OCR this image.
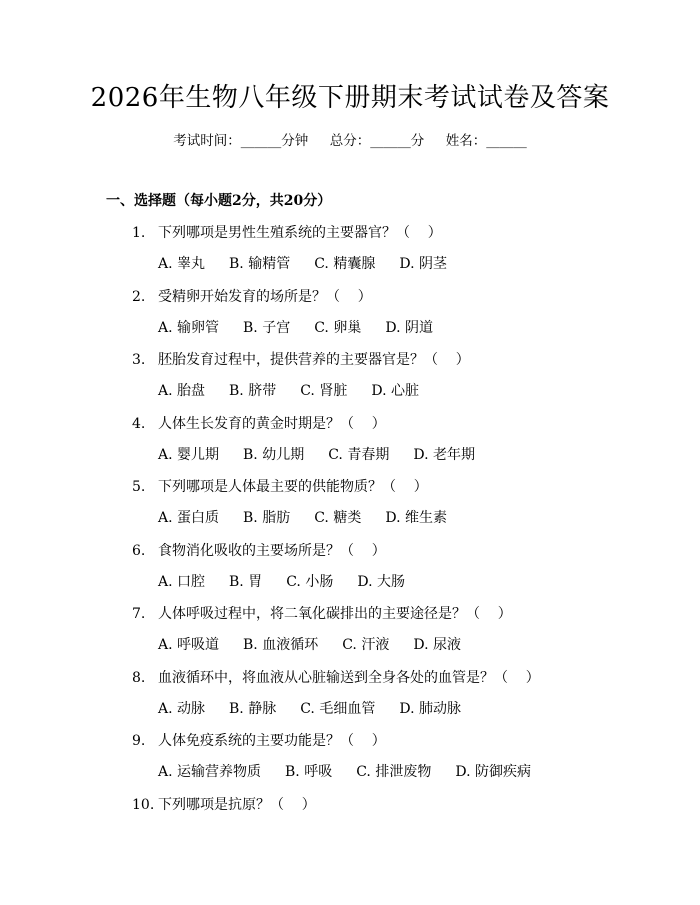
2026年生物八年级下册期末考试试卷及答案
考试时间：______分钟     总分：______分     姓名：______
一、选择题（每小题2分，共20分）
1. 下列哪项是男性生殖系统的主要器官？（    ）
A. 睾丸 B. 输精管 C. 精囊腺 D. 阴茎
2. 受精卵开始发育的场所是？（    ）
A. 输卵管 B. 子宫 C. 卵巢 D. 阴道
3. 胚胎发育过程中，提供营养的主要器官是？（    ）
A. 胎盘 B. 脐带 C. 肾脏 D. 心脏
4. 人体生长发育的黄金时期是？（    ）
A. 婴儿期 B. 幼儿期 C. 青春期 D. 老年期
5. 下列哪项是人体最主要的供能物质？（    ）
A. 蛋白质 B. 脂肪 C. 糖类 D. 维生素
6. 食物消化吸收的主要场所是？（    ）
A. 口腔 B. 胃 C. 小肠 D. 大肠
7. 人体呼吸过程中，将二氧化碳排出的主要途径是？（    ）
A. 呼吸道 B. 血液循环 C. 汗液 D. 尿液
8. 血液循环中，将血液从心脏输送到全身各处的血管是？（    ）
A. 动脉 B. 静脉 C. 毛细血管 D. 肺动脉
9. 人体免疫系统的主要功能是？（    ）
A. 运输营养物质 B. 呼吸 C. 排泄废物 D. 防御疾病
10. 下列哪项是抗原？（    ）
